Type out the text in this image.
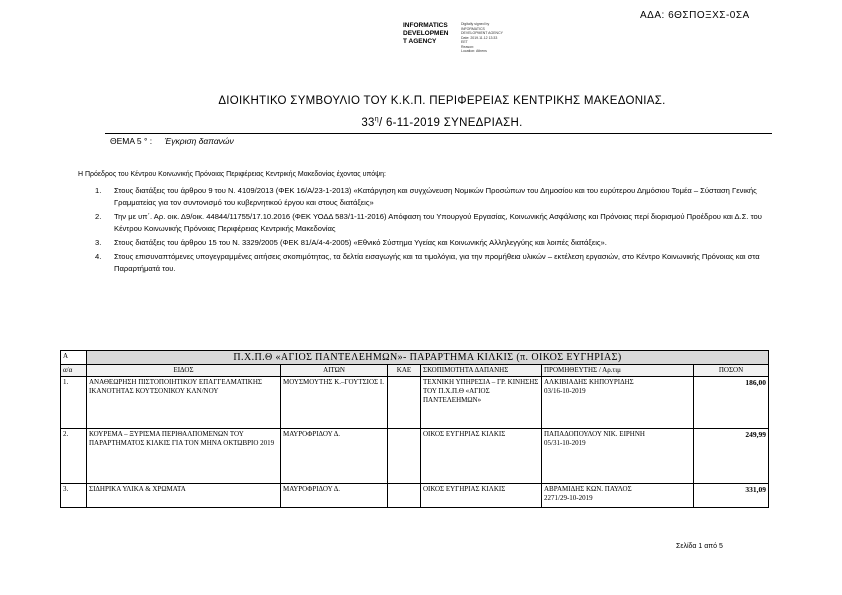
ΑΔΑ: 6ΘΣΠΟΞΧΣ-0ΣΑ
INFORMATICS
DEVELOPMEN
T AGENCY
Digitally signed by
INFORMATICS
DEVELOPMENT AGENCY
Date: 2019.11.12 13:33
EET
Reason:
Location: Athens
ΔΙΟΙΚΗΤΙΚΟ ΣΥΜΒΟΥΛΙΟ ΤΟΥ Κ.Κ.Π. ΠΕΡΙΦΕΡΕΙΑΣ ΚΕΝΤΡΙΚΗΣ ΜΑΚΕΔΟΝΙΑΣ.
$33^\eta/$ 6-11-2019 ΣΥΝΕΔΡΙΑΣΗ.
ΘΕΜΑ 5 ° : Έγκριση δαπανών
Η Πρόεδρος του Κέντρου Κοινωνικής Πρόνοιας Περιφέρειας Κεντρικής Μακεδονίας έχοντας υπόψη:
1. Στους διατάξεις του άρθρου 9 του Ν. 4109/2013 (ΦΕΚ 16/Α/23-1-2013) «Κατάργηση και συγχώνευση Νομικών Προσώπων του Δημοσίου και του ευρύτερου Δημόσιου Τομέα – Σύσταση Γενικής Γραμματείας για τον συντονισμό του κυβερνητικού έργου και στους διατάξεις»
2. Την με υπ΄. Αρ. οικ. Δ9/οικ. 44844/11755/17.10.2016 (ΦΕΚ ΥΟΔΔ 583/1-11-2016) Απόφαση του Υπουργού Εργασίας, Κοινωνικής Ασφάλισης και Πρόνοιας περί διορισμού Προέδρου και Δ.Σ. του Κέντρου Κοινωνικής Πρόνοιας Περιφέρειας Κεντρικής Μακεδονίας
3. Στους διατάξεις του άρθρου 15 του Ν. 3329/2005 (ΦΕΚ 81/Α/4-4-2005) «Εθνικό Σύστημα Υγείας και Κοινωνικής Αλληλεγγύης και λοιπές διατάξεις».
4. Στους επισυναπτόμενες υπογεγραμμένες αιτήσεις σκοπιμότητας, τα δελτία εισαγωγής και τα τιμολόγια, για την προμήθεια υλικών – εκτέλεση εργασιών, στο Κέντρο Κοινωνικής Πρόνοιας και στα Παραρτήματά του.
Α	Π.Χ.Π.Θ «ΑΓΙΟΣ ΠΑΝΤΕΛΕΗΜΩΝ»- ΠΑΡΑΡΤΗΜΑ ΚΙΛΚΙΣ (π. ΟΙΚΟΣ ΕΥΓΗΡΙΑΣ)					
α/α	ΕΙΔΟΣ	ΑΙΤΩΝ	ΚΑΕ	ΣΚΟΠΙΜΟΤΗΤΑ ΔΑΠΑΝΗΣ	ΠΡΟΜΗΘΕΥΤΗΣ / Αρ.τιμ	ΠΟΣΟΝ
1.	ΑΝΑΘΕΩΡΗΣΗ ΠΙΣΤΟΠΟΙΗΤΙΚΟΥ ΕΠΑΓΓΕΛΜΑΤΙΚΗΣ ΙΚΑΝΟΤΗΤΑΣ ΚΟΥΤΣΟΝΙΚΟΥ ΚΛΝ/ΝΟΥ	ΜΟΥΣΜΟΥΤΗΣ Κ.–ΓΟΥΤΣΙΟΣ Ι.		ΤΕΧΝΙΚΗ ΥΠΗΡΕΣΙΑ – ΓΡ. ΚΙΝΗΣΗΣ ΤΟΥ Π.Χ.Π.Θ «ΑΓΙΟΣ ΠΑΝΤΕΛΕΗΜΩΝ»	ΑΛΚΙΒΙΑΔΗΣ ΚΗΠΟΥΡΙΔΗΣ
03/16-10-2019	186,00
2.	ΚΟΥΡΕΜΑ – ΞΥΡΙΣΜΑ ΠΕΡΙΘΑΛΠΟΜΕΝΩΝ ΤΟΥ ΠΑΡΑΡΤΗΜΑΤΟΣ ΚΙΛΚΙΣ ΓΙΑ ΤΟΝ ΜΗΝΑ ΟΚΤΩΒΡΙΟ 2019	ΜΑΥΡΟΦΡΙΔΟΥ Δ.		ΟΙΚΟΣ ΕΥΓΗΡΙΑΣ ΚΙΛΚΙΣ	ΠΑΠΑΔΟΠΟΥΛΟΥ ΝΙΚ. ΕΙΡΗΝΗ
05/31-10-2019	249,99
3.	ΣΙΔΗΡΙΚΑ ΥΛΙΚΑ & ΧΡΩΜΑΤΑ	ΜΑΥΡΟΦΡΙΔΟΥ Δ.		ΟΙΚΟΣ ΕΥΓΗΡΙΑΣ ΚΙΛΚΙΣ	ΑΒΡΑΜΙΔΗΣ ΚΩΝ. ΠΑΥΛΟΣ
2271/29-10-2019	331,09
Σελίδα 1 από 5
